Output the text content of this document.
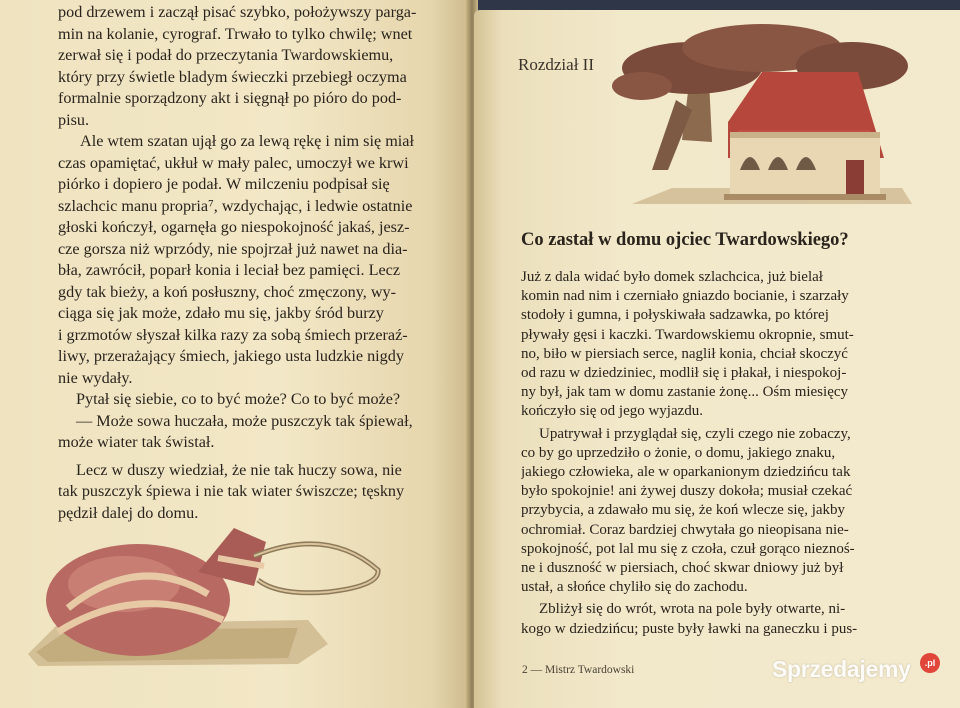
pod drzewem i zaczął pisać szybko, położywszy parga-
min na kolanie, cyrograf. Trwało to tylko chwilę; wnet
zerwał się i podał do przeczytania Twardowskiemu,
który przy świetle bladym świeczki przebiegł oczyma
formalnie sporządzony akt i sięgnął po pióro do pod-
pisu.
Ale wtem szatan ujął go za lewą rękę i nim się miał
czas opamiętać, ukłuł w mały palec, umoczył we krwi
piórko i dopiero je podał. W milczeniu podpisał się
szlachcic manu propria⁷, wzdychając, i ledwie ostatnie
głoski kończył, ogarnęła go niespokojność jakaś, jesz-
cze gorsza niż wprzódy, nie spojrzał już nawet na dia-
bła, zawrócił, poparł konia i leciał bez pamięci. Lecz
gdy tak bieży, a koń posłuszny, choć zmęczony, wy-
ciąga się jak może, zdało mu się, jakby śród burzy
i grzmotów słyszał kilka razy za sobą śmiech przeraź-
liwy, przerażający śmiech, jakiego usta ludzkie nigdy
nie wydały.
Pytał się siebie, co to być może? Co to być może?
— Może sowa huczała, może puszczyk tak śpiewał,
może wiater tak świstał.
Lecz w duszy wiedział, że nie tak huczy sowa, nie
tak puszczyk śpiewa i nie tak wiater świszcze; tęskny
pędził dalej do domu.
Rozdział II
Co zastał w domu ojciec Twardowskiego?
Już z dala widać było domek szlachcica, już bielał
komin nad nim i czerniało gniazdo bocianie, i szarzały
stodoły i gumna, i połyskiwała sadzawka, po której
pływały gęsi i kaczki. Twardowskiemu okropnie, smut-
no, biło w piersiach serce, naglił konia, chciał skoczyć
od razu w dziedziniec, modlił się i płakał, i niespokoj-
ny był, jak tam w domu zastanie żonę... Ośm miesięcy
kończyło się od jego wyjazdu.
Upatrywał i przyglądał się, czyli czego nie zobaczy,
co by go uprzedziło o żonie, o domu, jakiego znaku,
jakiego człowieka, ale w oparkanionym dziedzińcu tak
było spokojnie! ani żywej duszy dokoła; musiał czekać
przybycia, a zdawało mu się, że koń wlecze się, jakby
ochromiał. Coraz bardziej chwytała go nieopisana nie-
spokojność, pot lal mu się z czoła, czuł gorąco nieznoś-
ne i duszność w piersiach, choć skwar dniowy już był
ustał, a słońce chyliło się do zachodu.
Zbliżył się do wrót, wrota na pole były otwarte, ni-
kogo w dziedzińcu; puste były ławki na ganeczku i pus-
2 — Mistrz Twardowski	Sprzedajemy	.pl
